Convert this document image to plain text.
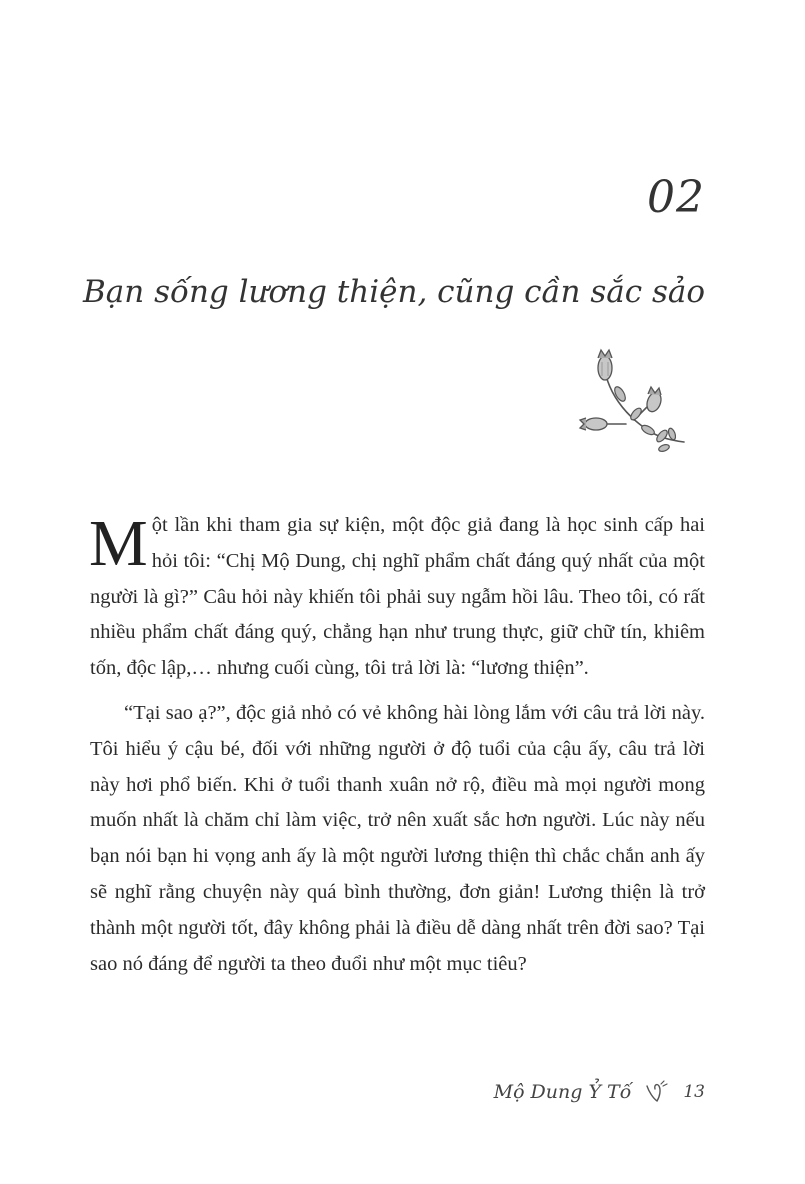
02
Bạn sống lương thiện, cũng cần sắc sảo

Một lần khi tham gia sự kiện, một độc giả đang là học sinh cấp hai hỏi tôi: “Chị Mộ Dung, chị nghĩ phẩm chất đáng quý nhất của một người là gì?” Câu hỏi này khiến tôi phải suy ngẫm hồi lâu. Theo tôi, có rất nhiều phẩm chất đáng quý, chẳng hạn như trung thực, giữ chữ tín, khiêm tốn, độc lập,… nhưng cuối cùng, tôi trả lời là: “lương thiện”.

“Tại sao ạ?”, độc giả nhỏ có vẻ không hài lòng lắm với câu trả lời này. Tôi hiểu ý cậu bé, đối với những người ở độ tuổi của cậu ấy, câu trả lời này hơi phổ biến. Khi ở tuổi thanh xuân nở rộ, điều mà mọi người mong muốn nhất là chăm chỉ làm việc, trở nên xuất sắc hơn người. Lúc này nếu bạn nói bạn hi vọng anh ấy là một người lương thiện thì chắc chắn anh ấy sẽ nghĩ rằng chuyện này quá bình thường, đơn giản! Lương thiện là trở thành một người tốt, đây không phải là điều dễ dàng nhất trên đời sao? Tại sao nó đáng để người ta theo đuổi như một mục tiêu?

Mộ Dung Ỷ Tố	13
